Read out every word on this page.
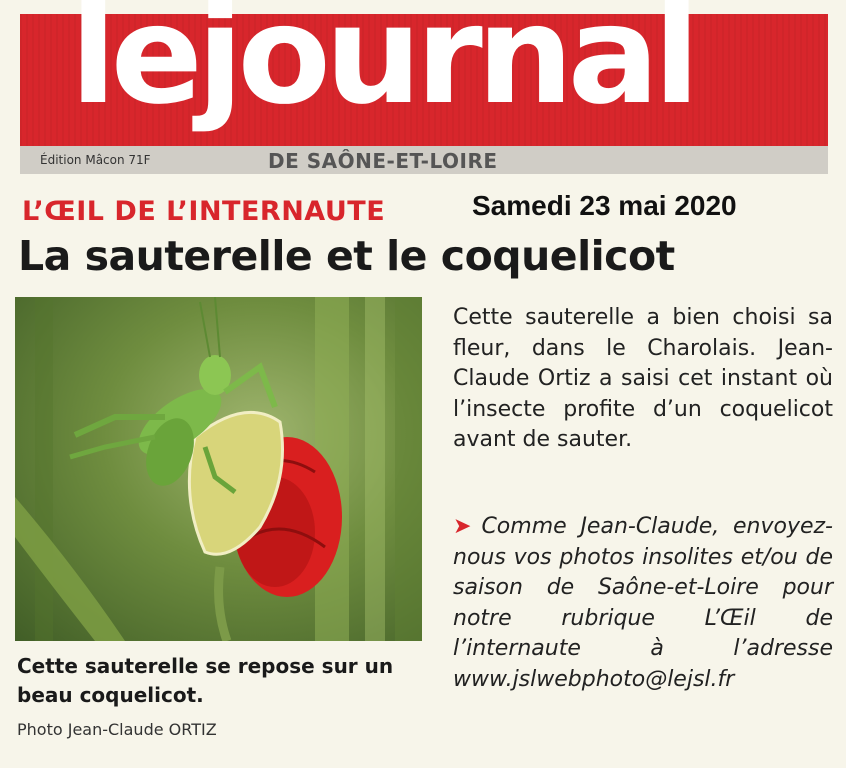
lejournal
Édition Mâcon 71F	DE SAÔNE-ET-LOIRE
L’ŒIL DE L’INTERNAUTE	Samedi 23 mai 2020
La sauterelle et le coquelicot
Cette sauterelle se repose sur un beau coquelicot.
Photo Jean-Claude ORTIZ

Cette sauterelle a bien choisi sa fleur, dans le Charolais. Jean-Claude Ortiz a saisi cet instant où l’insecte profite d’un coquelicot avant de sauter.

➤ Comme Jean-Claude, envoyez-nous vos photos insolites et/ou de saison de Saône-et-Loire pour notre rubrique L’Œil de l’internaute à l’adresse www.jslwebphoto@lejsl.fr
